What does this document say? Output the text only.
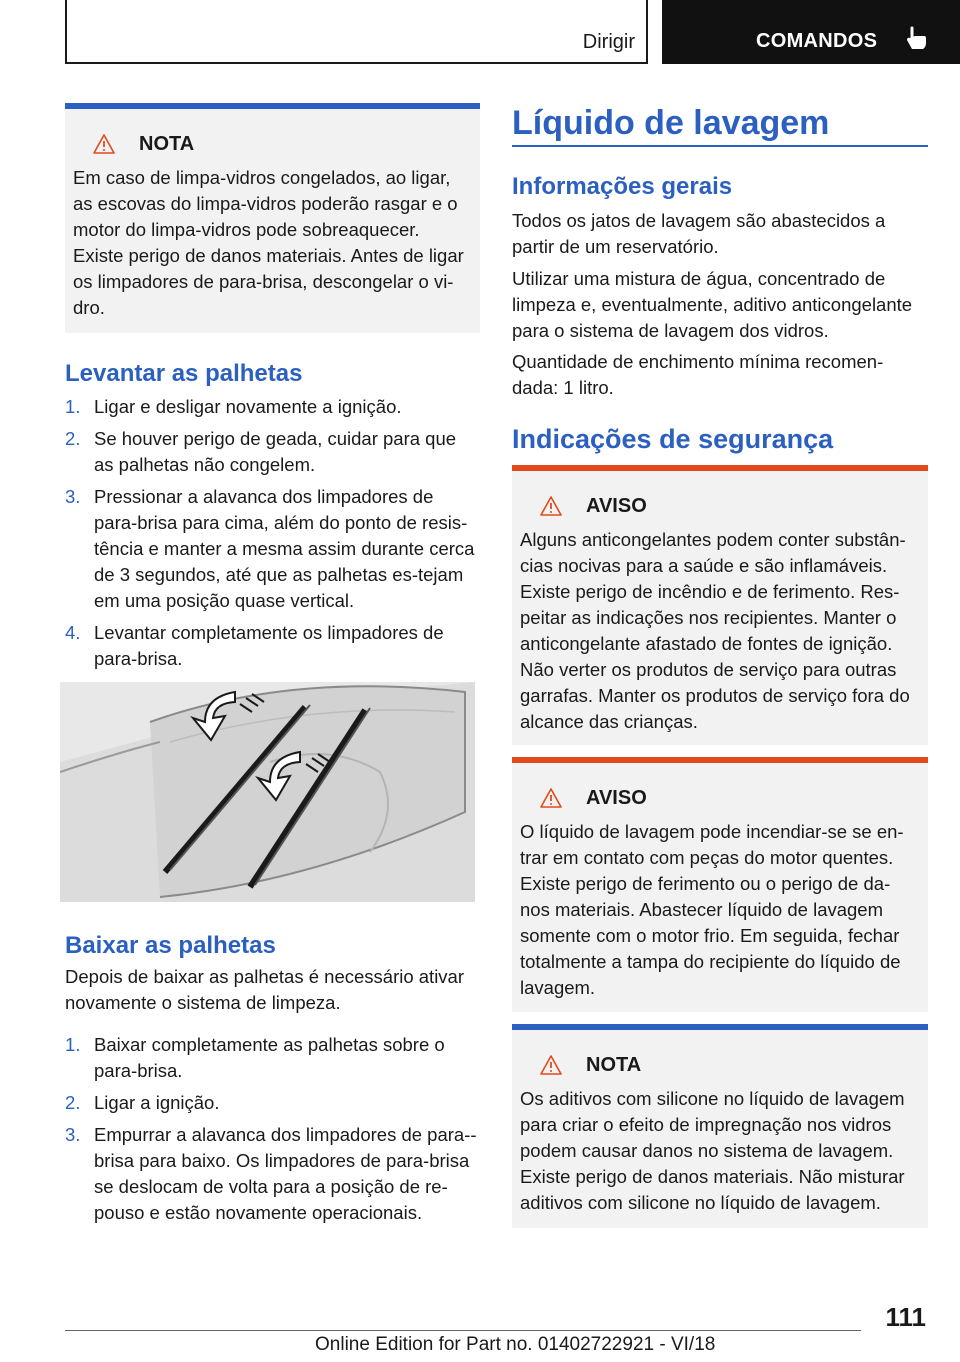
Dirigir	COMANDOS
NOTA
Em caso de limpa-vidros congelados, ao ligar, as escovas do limpa-vidros poderão rasgar e o motor do limpa-vidros pode sobreaquecer. Existe perigo de danos materiais. Antes de ligar os limpadores de para-brisa, descongelar o vi-dro.
Levantar as palhetas
1. Ligar e desligar novamente a ignição.
2. Se houver perigo de geada, cuidar para que as palhetas não congelem.
3. Pressionar a alavanca dos limpadores de para-brisa para cima, além do ponto de resis-tência e manter a mesma assim durante cerca de 3 segundos, até que as palhetas es-tejam em uma posição quase vertical.
4. Levantar completamente os limpadores de para-brisa.
Baixar as palhetas
Depois de baixar as palhetas é necessário ativar novamente o sistema de limpeza.
1. Baixar completamente as palhetas sobre o para-brisa.
2. Ligar a ignição.
3. Empurrar a alavanca dos limpadores de para--brisa para baixo. Os limpadores de para-brisa se deslocam de volta para a posição de re-pouso e estão novamente operacionais.
Líquido de lavagem
Informações gerais
Todos os jatos de lavagem são abastecidos a partir de um reservatório.
Utilizar uma mistura de água, concentrado de limpeza e, eventualmente, aditivo anticongelante para o sistema de lavagem dos vidros.
Quantidade de enchimento mínima recomen-dada: 1 litro.
Indicações de segurança
AVISO
Alguns anticongelantes podem conter substân-cias nocivas para a saúde e são inflamáveis. Existe perigo de incêndio e de ferimento. Res-peitar as indicações nos recipientes. Manter o anticongelante afastado de fontes de ignição. Não verter os produtos de serviço para outras garrafas. Manter os produtos de serviço fora do alcance das crianças.
AVISO
O líquido de lavagem pode incendiar-se se en-trar em contato com peças do motor quentes. Existe perigo de ferimento ou o perigo de da-nos materiais. Abastecer líquido de lavagem somente com o motor frio. Em seguida, fechar totalmente a tampa do recipiente do líquido de lavagem.
NOTA
Os aditivos com silicone no líquido de lavagem para criar o efeito de impregnação nos vidros podem causar danos no sistema de lavagem. Existe perigo de danos materiais. Não misturar aditivos com silicone no líquido de lavagem.
111
Online Edition for Part no. 01402722921 - VI/18
